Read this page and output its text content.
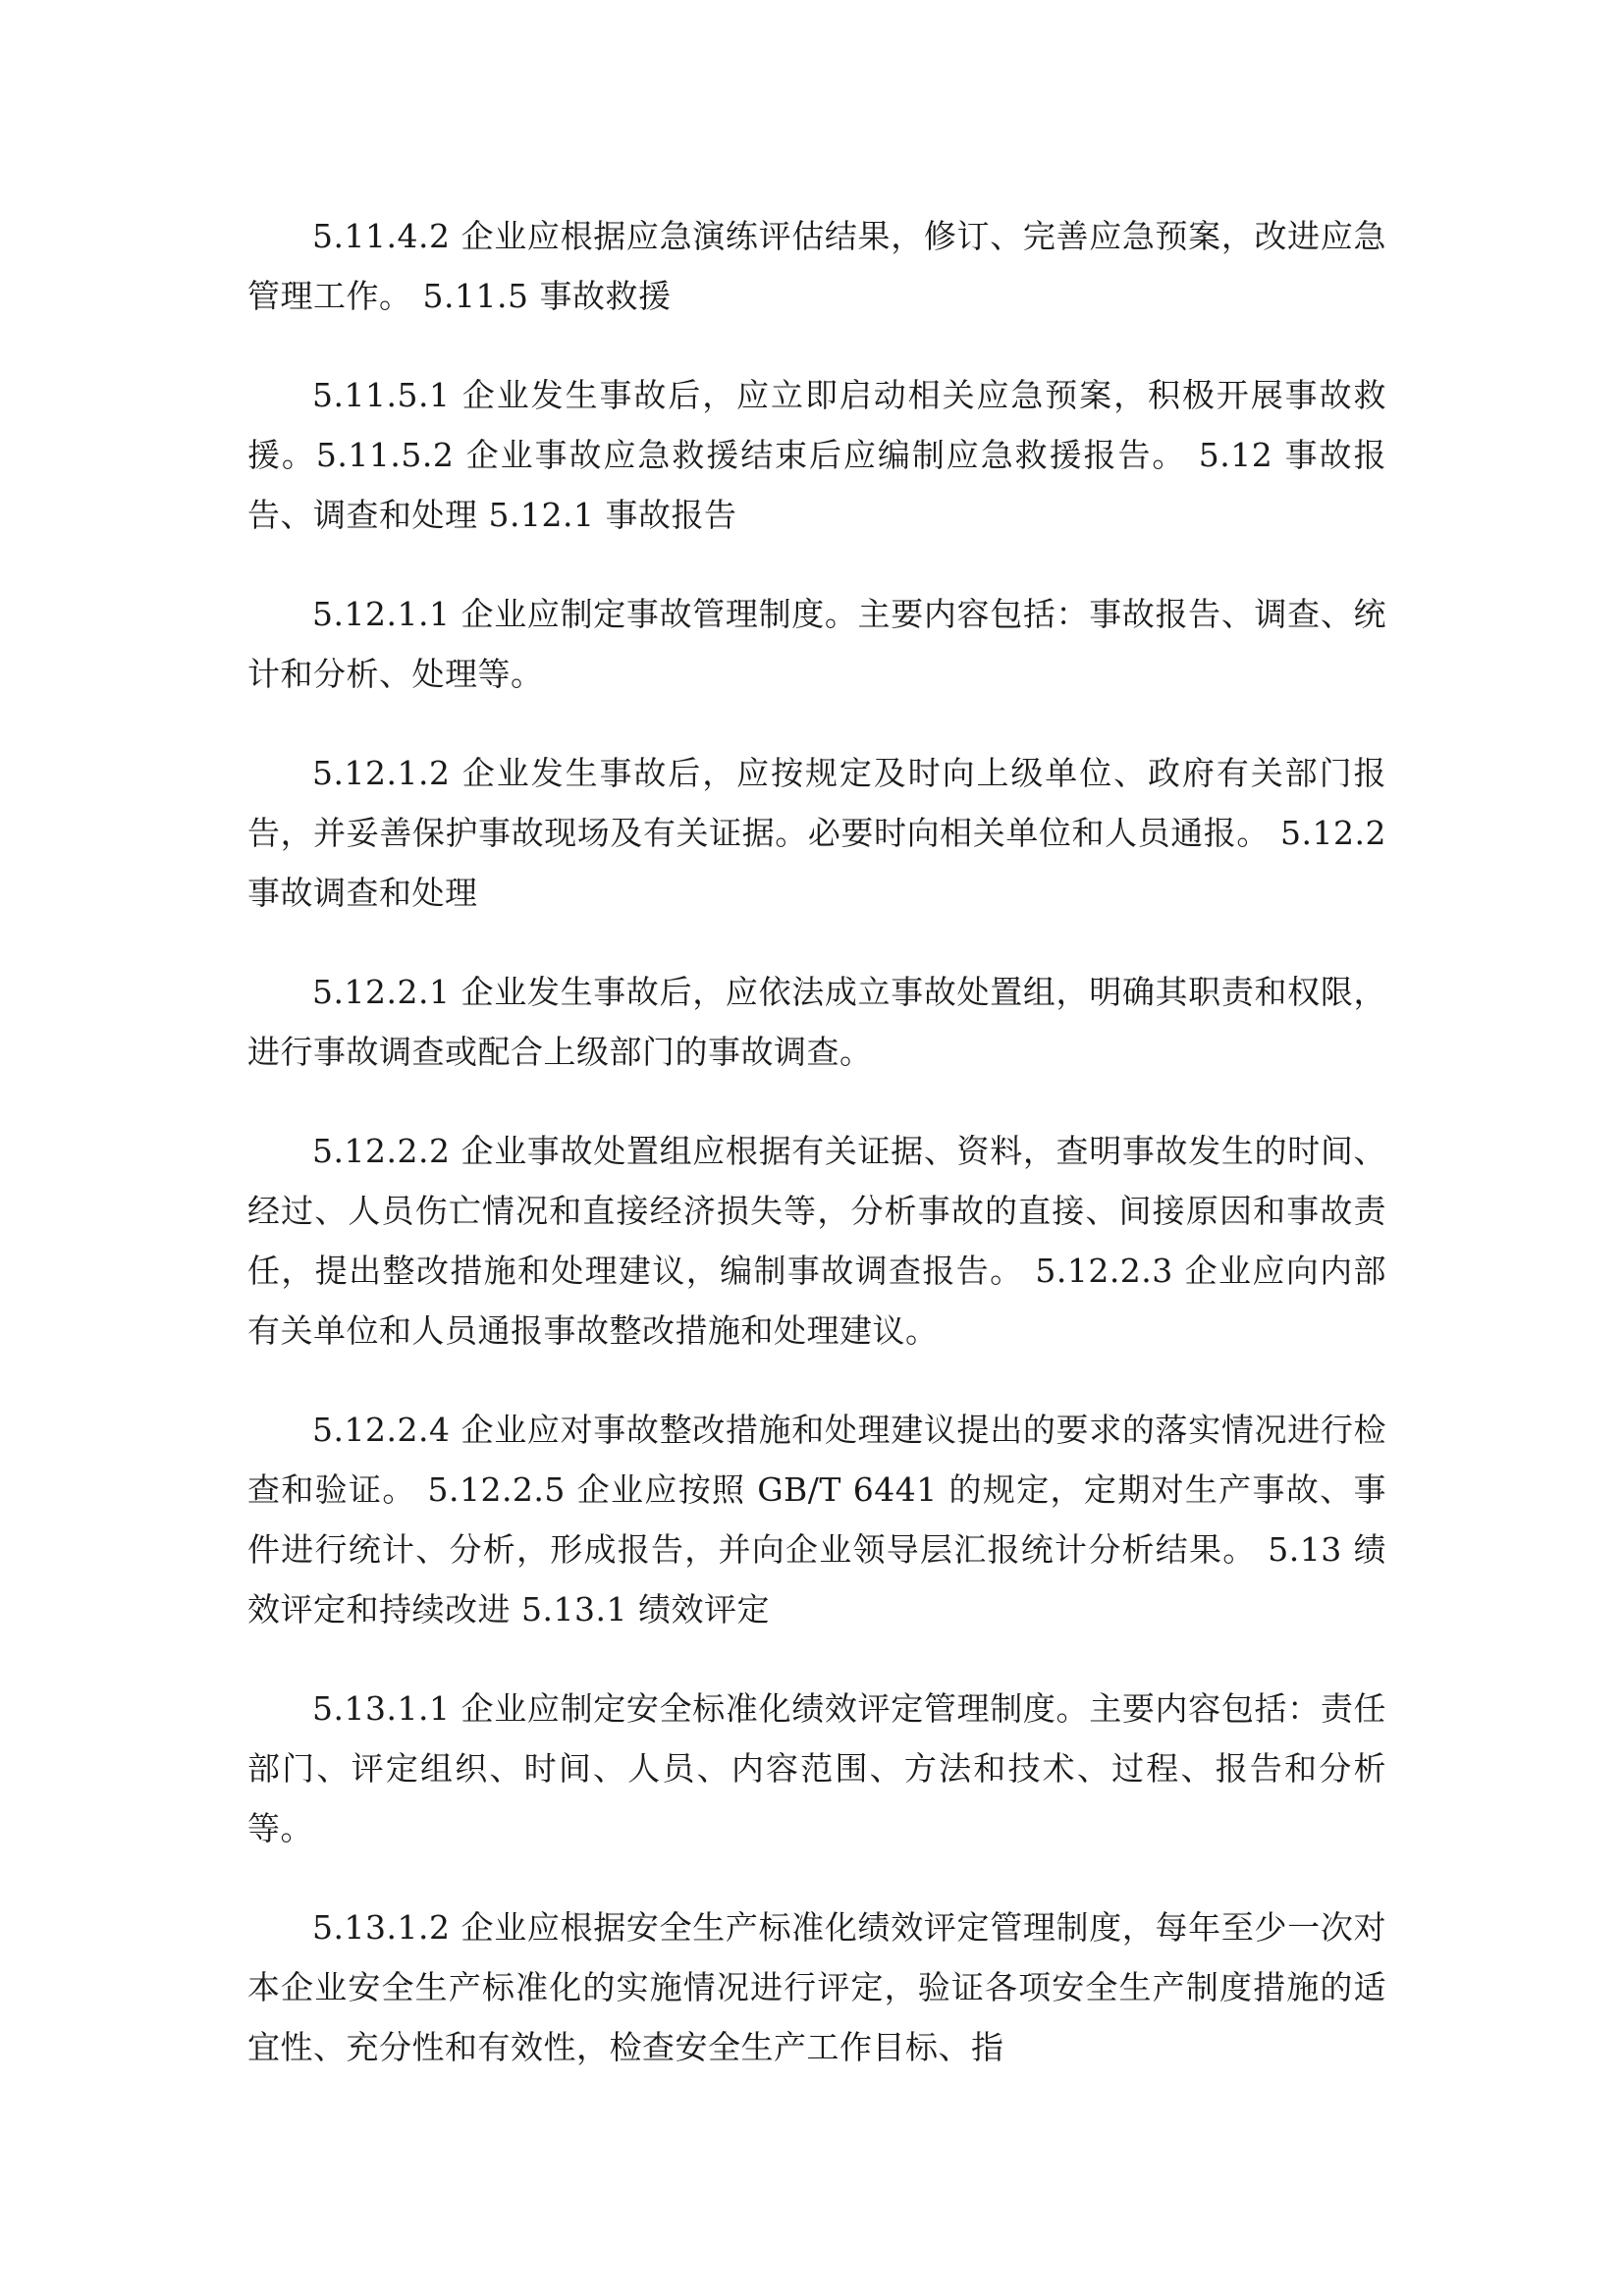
5.11.4.2 企业应根据应急演练评估结果，修订、完善应急预案，改进应急管理工作。 5.11.5 事故救援

5.11.5.1 企业发生事故后，应立即启动相关应急预案，积极开展事故救援。5.11.5.2 企业事故应急救援结束后应编制应急救援报告。 5.12 事故报告、调查和处理 5.12.1 事故报告

5.12.1.1 企业应制定事故管理制度。主要内容包括：事故报告、调查、统计和分析、处理等。

5.12.1.2 企业发生事故后，应按规定及时向上级单位、政府有关部门报告，并妥善保护事故现场及有关证据。必要时向相关单位和人员通报。 5.12.2 事故调查和处理

5.12.2.1 企业发生事故后，应依法成立事故处置组，明确其职责和权限，进行事故调查或配合上级部门的事故调查。

5.12.2.2 企业事故处置组应根据有关证据、资料，查明事故发生的时间、经过、人员伤亡情况和直接经济损失等，分析事故的直接、间接原因和事故责任，提出整改措施和处理建议，编制事故调查报告。 5.12.2.3 企业应向内部有关单位和人员通报事故整改措施和处理建议。

5.12.2.4 企业应对事故整改措施和处理建议提出的要求的落实情况进行检查和验证。 5.12.2.5 企业应按照 GB/T 6441 的规定，定期对生产事故、事件进行统计、分析，形成报告，并向企业领导层汇报统计分析结果。 5.13 绩效评定和持续改进 5.13.1 绩效评定

5.13.1.1 企业应制定安全标准化绩效评定管理制度。主要内容包括：责任部门、评定组织、时间、人员、内容范围、方法和技术、过程、报告和分析等。

5.13.1.2 企业应根据安全生产标准化绩效评定管理制度，每年至少一次对本企业安全生产标准化的实施情况进行评定，验证各项安全生产制度措施的适宜性、充分性和有效性，检查安全生产工作目标、指
